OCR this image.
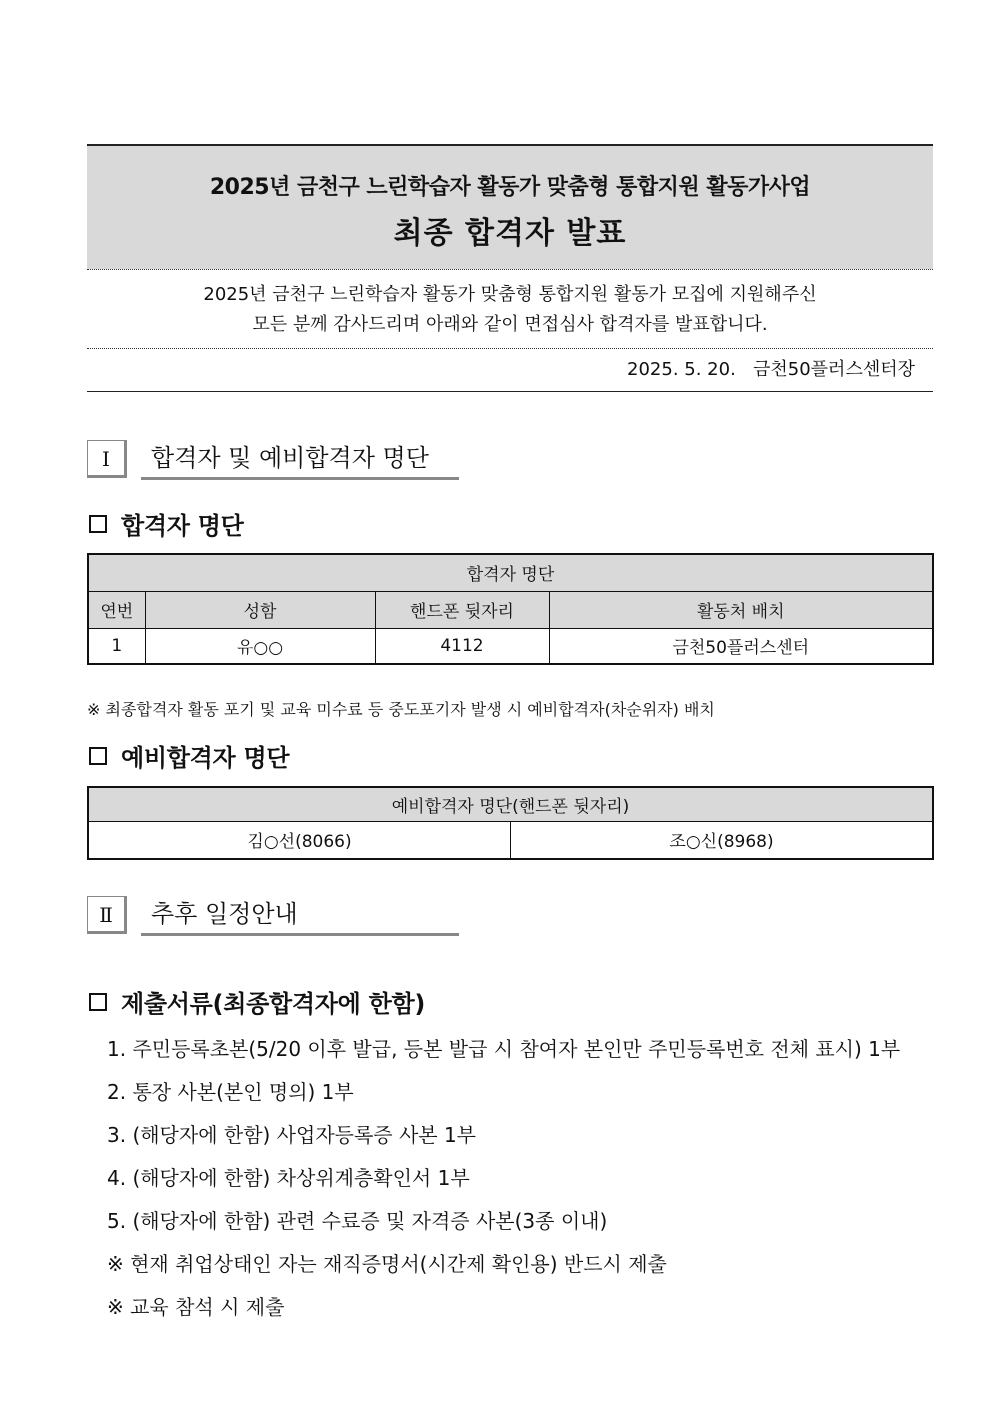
2025년 금천구 느린학습자 활동가 맞춤형 통합지원 활동가사업
최종 합격자 발표
2025년 금천구 느린학습자 활동가 맞춤형 통합지원 활동가 모집에 지원해주신
모든 분께 감사드리며 아래와 같이 면접심사 합격자를 발표합니다.
2025. 5. 20. 금천50플러스센터장
Ⅰ	합격자 및 예비합격자 명단
합격자 명단
합격자 명단			
연번	성함	핸드폰 뒷자리	활동처 배치
1	유○○	4112	금천50플러스센터
※ 최종합격자 활동 포기 및 교육 미수료 등 중도포기자 발생 시 예비합격자(차순위자) 배치
예비합격자 명단
예비합격자 명단(핸드폰 뒷자리)
김○선(8066)	조○신(8968)
Ⅱ	추후 일정안내
제출서류(최종합격자에 한함)
1. 주민등록초본(5/20 이후 발급, 등본 발급 시 참여자 본인만 주민등록번호 전체 표시) 1부
2. 통장 사본(본인 명의) 1부
3. (해당자에 한함) 사업자등록증 사본 1부
4. (해당자에 한함) 차상위계층확인서 1부
5. (해당자에 한함) 관련 수료증 및 자격증 사본(3종 이내)
※ 현재 취업상태인 자는 재직증명서(시간제 확인용) 반드시 제출
※ 교육 참석 시 제출
